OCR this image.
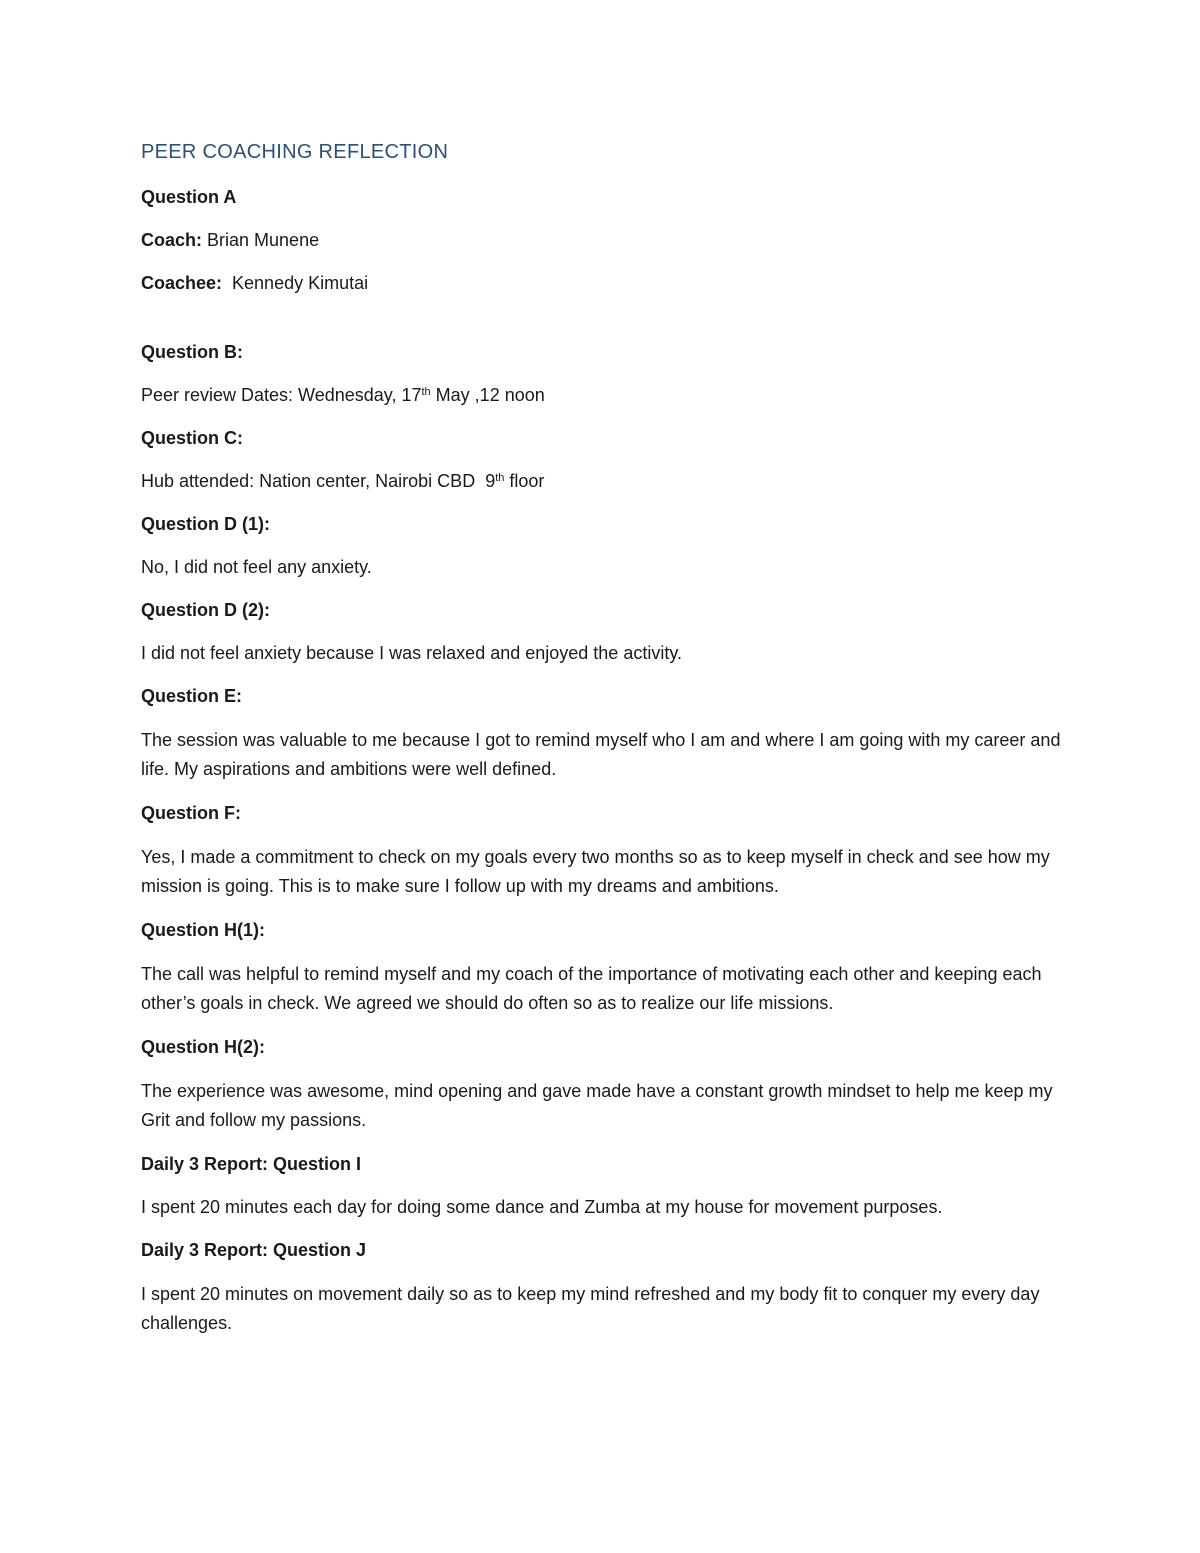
PEER COACHING REFLECTION
Question A
Coach: Brian Munene
Coachee:  Kennedy Kimutai
Question B:
Peer review Dates: Wednesday, 17th May ,12 noon
Question C:
Hub attended: Nation center, Nairobi CBD  9th floor
Question D (1):
No, I did not feel any anxiety.
Question D (2):
I did not feel anxiety because I was relaxed and enjoyed the activity.
Question E:
The session was valuable to me because I got to remind myself who I am and where I am going with my career and life. My aspirations and ambitions were well defined.
Question F:
Yes, I made a commitment to check on my goals every two months so as to keep myself in check and see how my mission is going. This is to make sure I follow up with my dreams and ambitions.
Question H(1):
The call was helpful to remind myself and my coach of the importance of motivating each other and keeping each other’s goals in check. We agreed we should do often so as to realize our life missions.
Question H(2):
The experience was awesome, mind opening and gave made have a constant growth mindset to help me keep my Grit and follow my passions.
Daily 3 Report: Question I
I spent 20 minutes each day for doing some dance and Zumba at my house for movement purposes.
Daily 3 Report: Question J
I spent 20 minutes on movement daily so as to keep my mind refreshed and my body fit to conquer my every day challenges.
